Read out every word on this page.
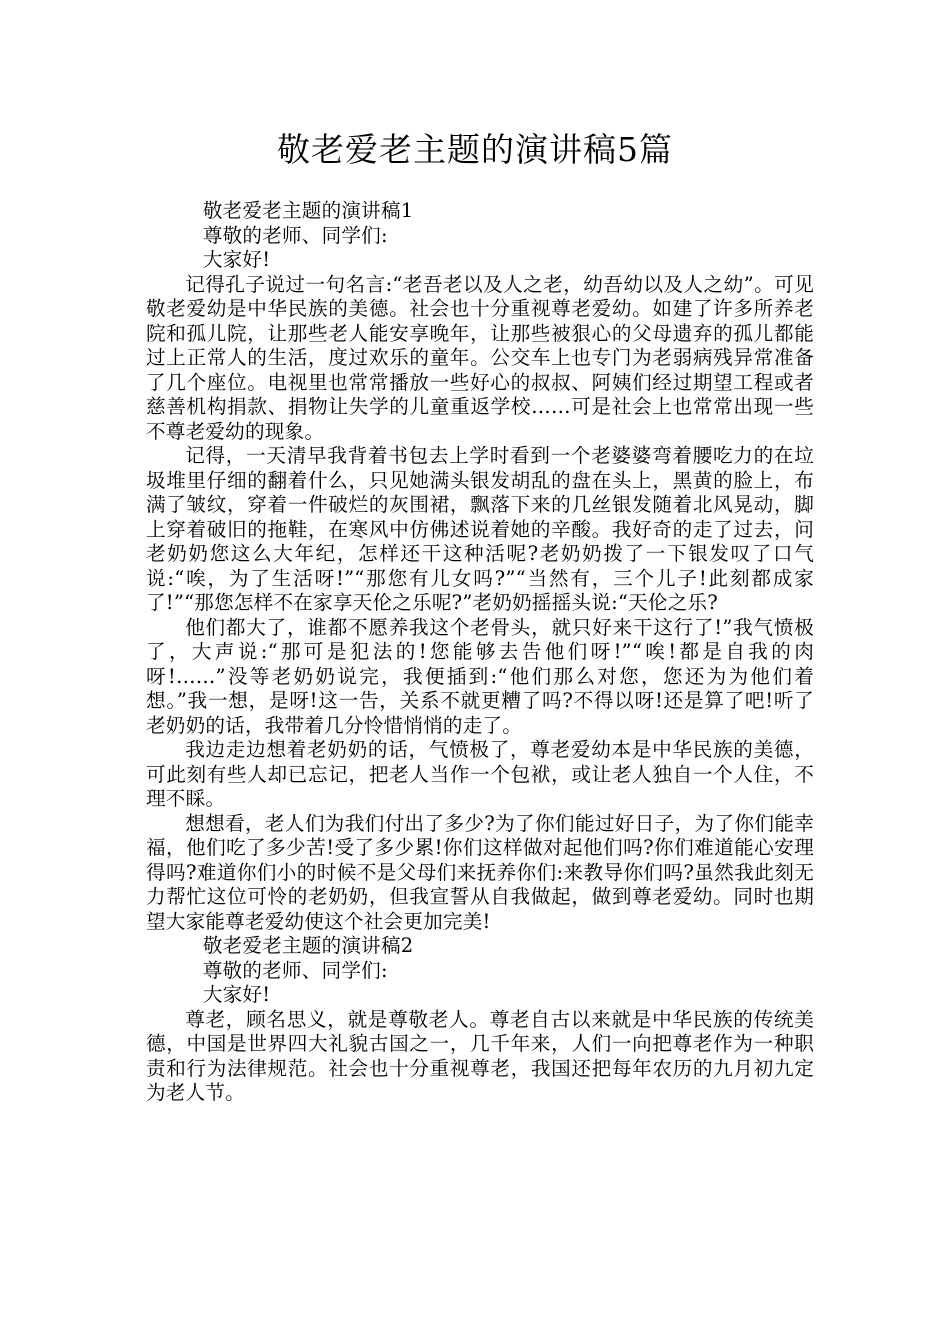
敬老爱老主题的演讲稿5篇

敬老爱老主题的演讲稿1

尊敬的老师、同学们:

大家好!

记得孔子说过一句名言:“老吾老以及人之老，幼吾幼以及人之幼”。可见敬老爱幼是中华民族的美德。社会也十分重视尊老爱幼。如建了许多所养老院和孤儿院，让那些老人能安享晚年，让那些被狠心的父母遗弃的孤儿都能过上正常人的生活，度过欢乐的童年。公交车上也专门为老弱病残异常准备了几个座位。电视里也常常播放一些好心的叔叔、阿姨们经过期望工程或者慈善机构捐款、捐物让失学的儿童重返学校……可是社会上也常常出现一些不尊老爱幼的现象。

记得，一天清早我背着书包去上学时看到一个老婆婆弯着腰吃力的在垃圾堆里仔细的翻着什么，只见她满头银发胡乱的盘在头上，黑黄的脸上，布满了皱纹，穿着一件破烂的灰围裙，飘落下来的几丝银发随着北风晃动，脚上穿着破旧的拖鞋，在寒风中仿佛述说着她的辛酸。我好奇的走了过去，问老奶奶您这么大年纪，怎样还干这种活呢?老奶奶拨了一下银发叹了口气说:“唉，为了生活呀!”“那您有儿女吗?”“当然有，三个儿子!此刻都成家了!”“那您怎样不在家享天伦之乐呢?”老奶奶摇摇头说:“天伦之乐?

他们都大了，谁都不愿养我这个老骨头，就只好来干这行了!”我气愤极了，大声说:“那可是犯法的!您能够去告他们呀!”“唉!都是自我的肉呀!……”没等老奶奶说完，我便插到:“他们那么对您，您还为为他们着想。”我一想，是呀!这一告，关系不就更糟了吗?不得以呀!还是算了吧!听了老奶奶的话，我带着几分怜惜悄悄的走了。

我边走边想着老奶奶的话，气愤极了，尊老爱幼本是中华民族的美德，可此刻有些人却已忘记，把老人当作一个包袱，或让老人独自一个人住，不理不睬。

想想看，老人们为我们付出了多少?为了你们能过好日子，为了你们能幸福，他们吃了多少苦!受了多少累!你们这样做对起他们吗?你们难道能心安理得吗?难道你们小的时候不是父母们来抚养你们:来教导你们吗?虽然我此刻无力帮忙这位可怜的老奶奶，但我宣誓从自我做起，做到尊老爱幼。同时也期望大家能尊老爱幼使这个社会更加完美!

敬老爱老主题的演讲稿2

尊敬的老师、同学们:

大家好!

尊老，顾名思义，就是尊敬老人。尊老自古以来就是中华民族的传统美德，中国是世界四大礼貌古国之一，几千年来，人们一向把尊老作为一种职责和行为法律规范。社会也十分重视尊老，我国还把每年农历的九月初九定为老人节。
